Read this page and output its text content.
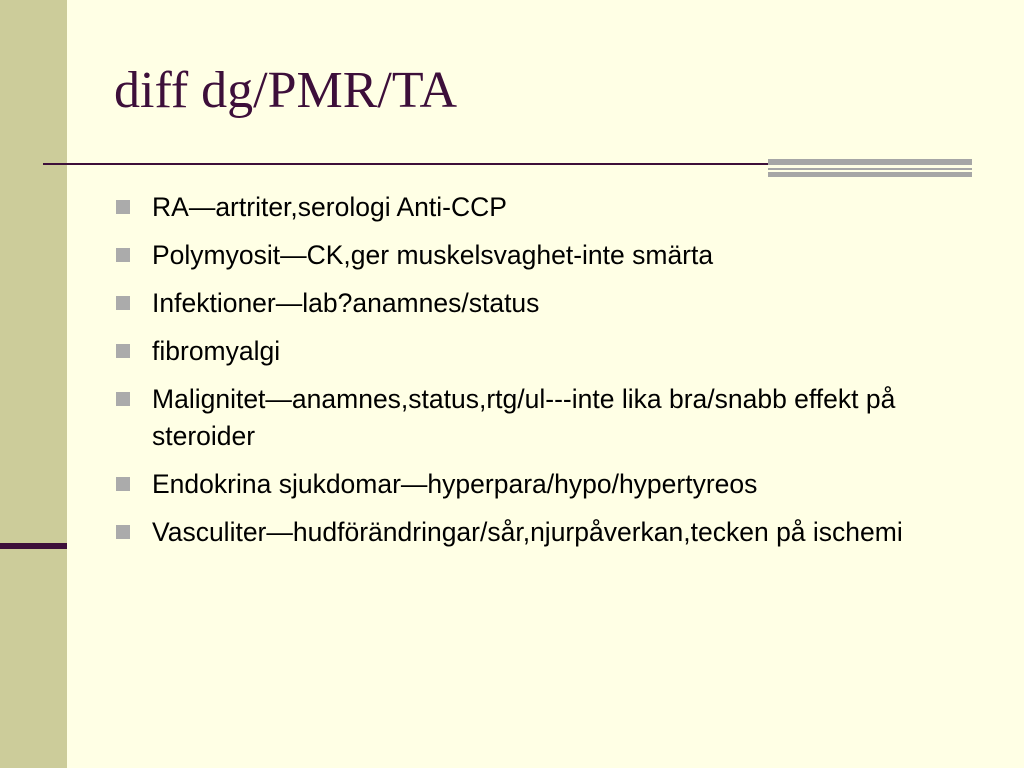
diff dg/PMR/TA
RA—artriter,serologi Anti-CCP
Polymyosit—CK,ger muskelsvaghet-inte smärta
Infektioner—lab?anamnes/status
fibromyalgi
Malignitet—anamnes,status,rtg/ul---inte lika bra/snabb effekt på steroider
Endokrina sjukdomar—hyperpara/hypo/hypertyreos
Vasculiter—hudförändringar/sår,njurpåverkan,tecken på ischemi
